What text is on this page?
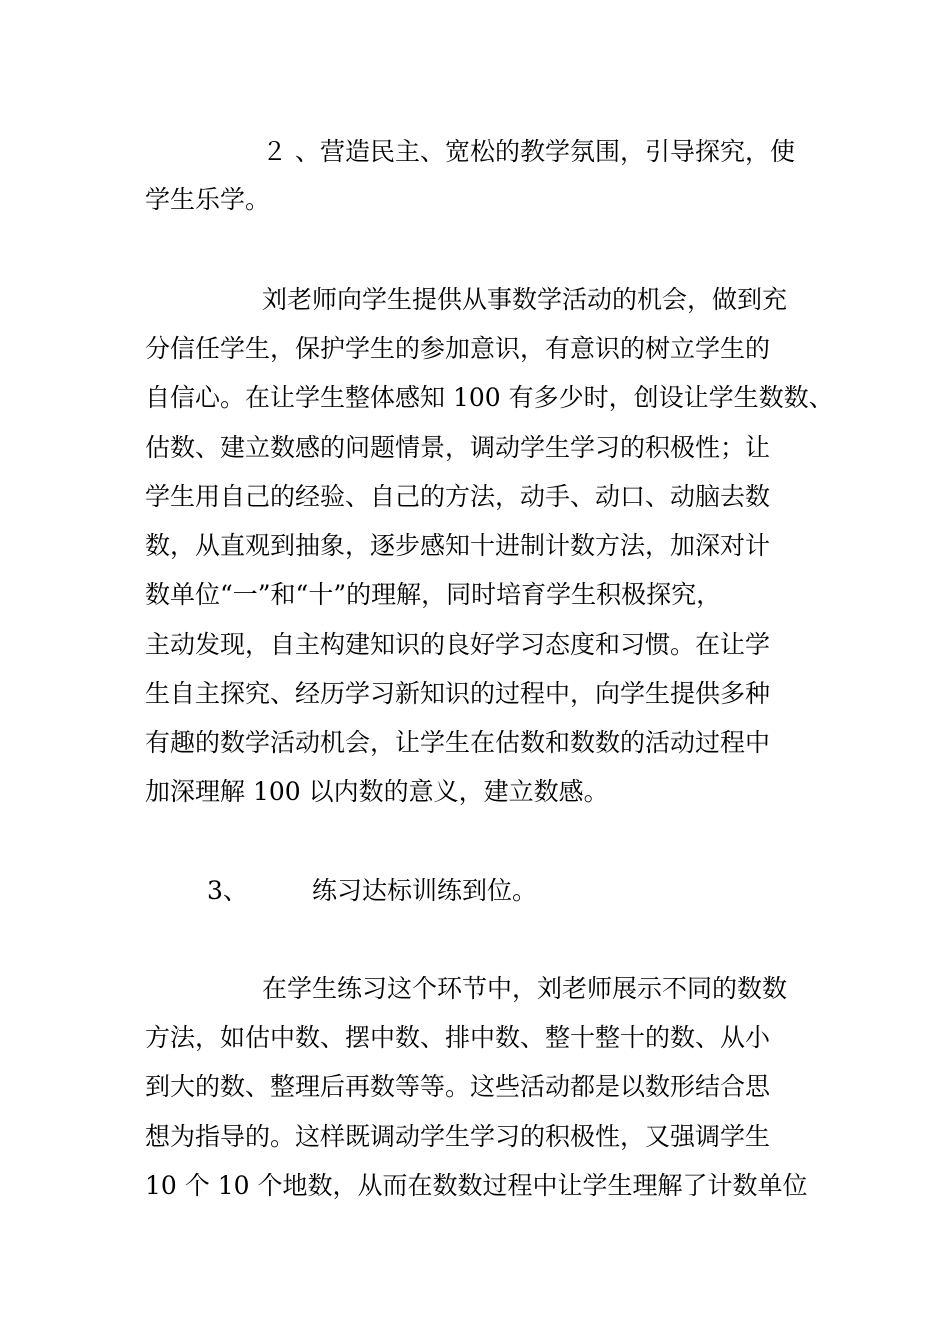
２ 、营造民主、宽松的教学氛围，引导探究，使
学生乐学。
刘老师向学生提供从事数学活动的机会，做到充
分信任学生，保护学生的参加意识，有意识的树立学生的
自信心。在让学生整体感知 100 有多少时，创设让学生数数、
估数、建立数感的问题情景，调动学生学习的积极性；让
学生用自己的经验、自己的方法，动手、动口、动脑去数
数，从直观到抽象，逐步感知十进制计数方法，加深对计
数单位“一”和“十”的理解，同时培育学生积极探究，
主动发现，自主构建知识的良好学习态度和习惯。在让学
生自主探究、经历学习新知识的过程中，向学生提供多种
有趣的数学活动机会，让学生在估数和数数的活动过程中
加深理解 100 以内数的意义，建立数感。
3、	练习达标训练到位。
在学生练习这个环节中，刘老师展示不同的数数
方法，如估中数、摆中数、排中数、整十整十的数、从小
到大的数、整理后再数等等。这些活动都是以数形结合思
想为指导的。这样既调动学生学习的积极性，又强调学生
10 个 10 个地数，从而在数数过程中让学生理解了计数单位
